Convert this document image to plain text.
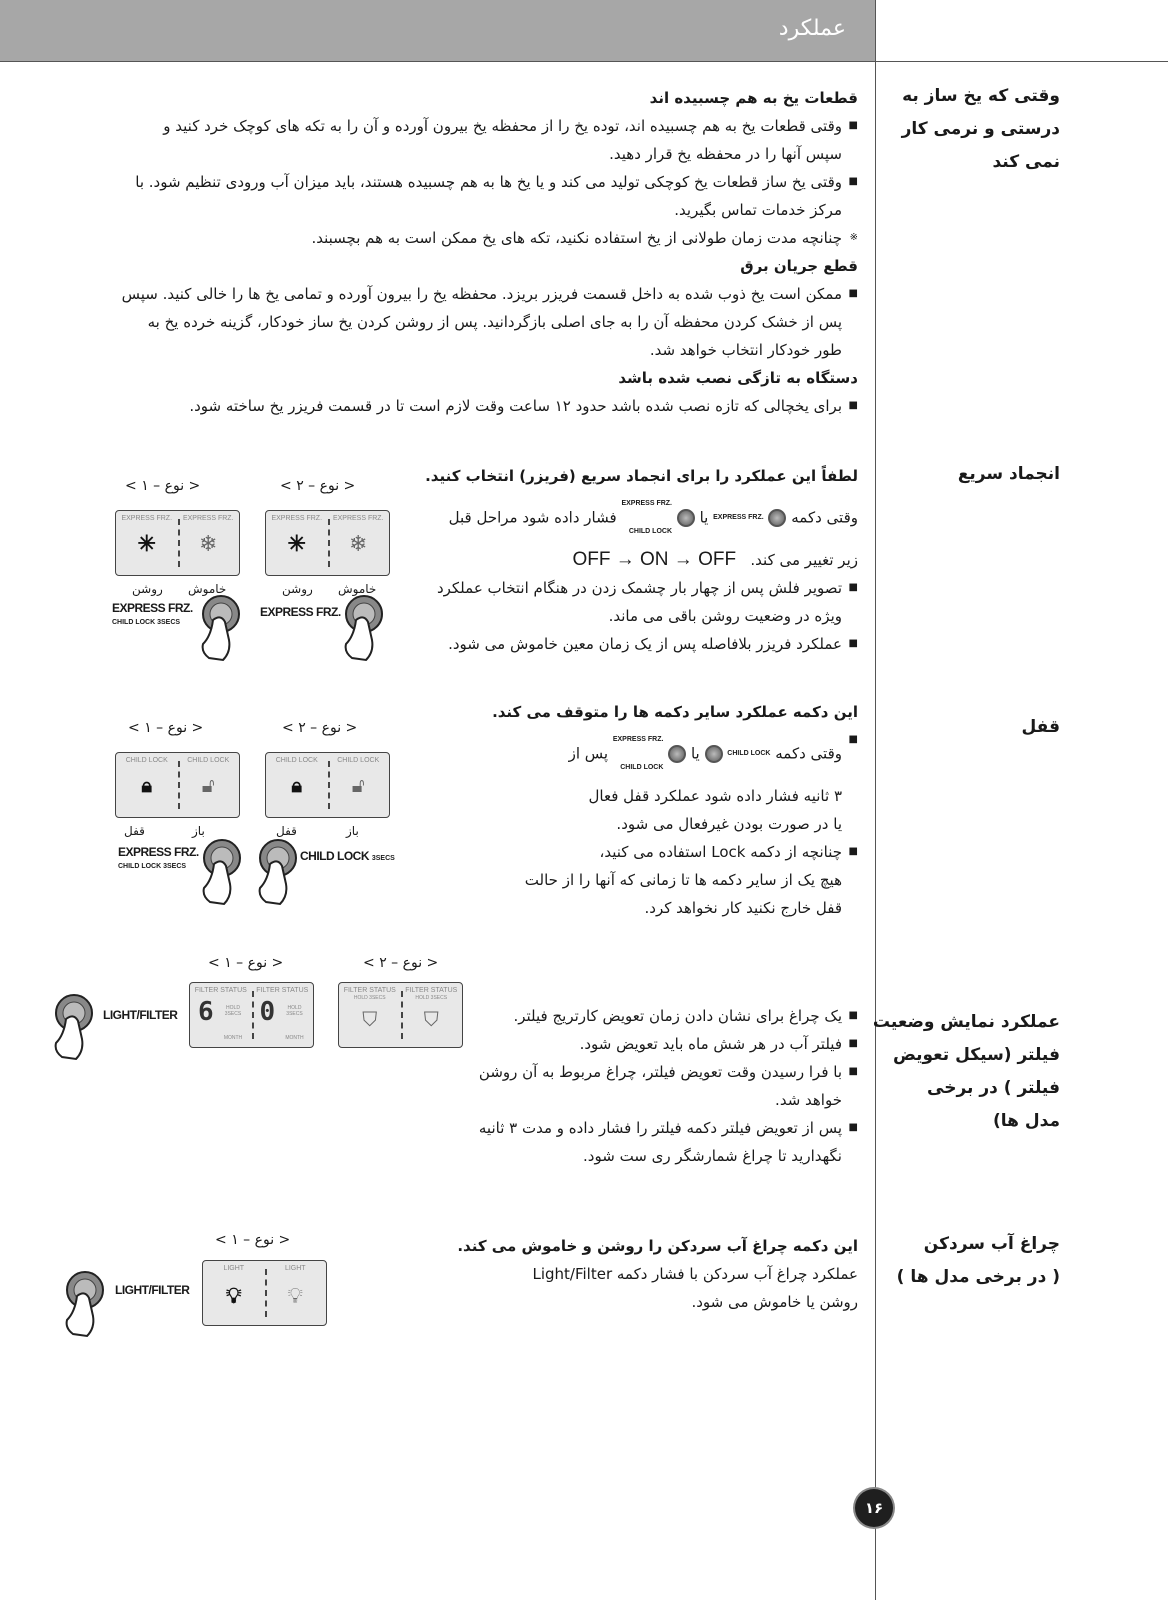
عملکرد
وقتی که یخ ساز به
درستی و نرمی کار
نمی کند
قطعات یخ به هم چسبیده اند
■
وقتی قطعات یخ به هم چسبیده اند، توده یخ را از محفظه یخ بیرون آورده و آن را به تکه های کوچک خرد کنید و
سپس آنها را در محفظه یخ قرار دهید.
■
وقتی یخ ساز قطعات یخ کوچکی تولید می کند و یا یخ ها به هم چسبیده هستند، باید میزان آب ورودی تنظیم شود. با
مرکز خدمات تماس بگیرید.
※
چنانچه مدت زمان طولانی از یخ استفاده نکنید، تکه های یخ ممکن است به هم بچسبند.
قطع جریان برق
■
ممکن است یخ ذوب شده به داخل قسمت فریزر بریزد. محفظه یخ را بیرون آورده و تمامی یخ ها را خالی کنید. سپس
پس از خشک کردن محفظه آن را به جای اصلی بازگردانید. پس از روشن کردن یخ ساز خودکار، گزینه خرده یخ به
طور خودکار انتخاب خواهد شد.
دستگاه به تازگی نصب شده باشد
■
برای یخچالی که تازه نصب شده باشد حدود ۱۲ ساعت وقت لازم است تا در قسمت فریزر یخ ساخته شود.
انجماد سریع
لطفاً این عملکرد را برای انجماد سریع (فریزر) انتخاب کنید.
وقتی دکمه  EXPRESS FRZ. یا  EXPRESS FRZ.
CHILD LOCK فشار داده شود مراحل قبل
زیر تغییر می کند.   OFF → ON → OFF
■
تصویر فلش پس از چهار بار چشمک زدن در هنگام انتخاب عملکرد
ویژه در وضعیت روشن باقی می ماند.
■
عملکرد فریزر بلافاصله پس از یک زمان معین خاموش می شود.
< نوع – ۱ >	< نوع – ۲ >
EXPRESS FRZ.
✳
EXPRESS FRZ.
❄
EXPRESS FRZ.
✳
EXPRESS FRZ.
❄
روشن خاموش	روشن خاموش
EXPRESS FRZ.
CHILD LOCK 3SECS
EXPRESS FRZ.
قفل
این دکمه عملکرد سایر دکمه ها را متوقف می کند.
■
وقتی دکمه CHILD LOCK  یا  EXPRESS FRZ.
CHILD LOCK پس از
۳ ثانیه فشار داده شود عملکرد قفل فعال
یا در صورت بودن غیرفعال می شود.
■
چنانچه از دکمه Lock استفاده می کنید،
هیچ یک از سایر دکمه ها تا زمانی که آنها را از حالت
قفل خارج نکنید کار نخواهد کرد.
< نوع – ۱ >	< نوع – ۲ >
CHILD LOCK
🔒︎
CHILD LOCK
🔓︎
CHILD LOCK
🔒︎
CHILD LOCK
🔓︎
قفل	باز	قفل	باز
EXPRESS FRZ.
CHILD LOCK 3SECS
CHILD LOCK 3SECS
عملکرد نمایش وضعیت
فیلتر (سیکل تعویض
فیلتر ) در برخی
مدل ها)
■
یک چراغ برای نشان دادن زمان تعویض کارتریج فیلتر.
■
فیلتر آب در هر شش ماه باید تعویض شود.
■
با فرا رسیدن وقت تعویض فیلتر، چراغ مربوط به آن روشن
خواهد شد.
■
پس از تعویض فیلتر دکمه فیلتر را فشار داده و مدت ۳ ثانیه
نگهدارید تا چراغ شمارشگر ری ست شود.
< نوع – ۱ >	< نوع – ۲ >
LIGHT/FILTER
FILTER STATUS
6	HOLD 3SECS
MONTH
FILTER STATUS
0	HOLD 3SECS
MONTH
FILTER STATUS
HOLD 3SECS
⛉
FILTER STATUS
HOLD 3SECS
⛉
چراغ آب سردکن
( در برخی مدل ها )
این دکمه چراغ آب سردکن را روشن و خاموش می کند.
عملکرد چراغ آب سردکن با فشار دکمه Light/Filter
روشن یا خاموش می شود.
< نوع – ۱ >
LIGHT/FILTER
LIGHT
💡︎
LIGHT
💡︎
۱۶
